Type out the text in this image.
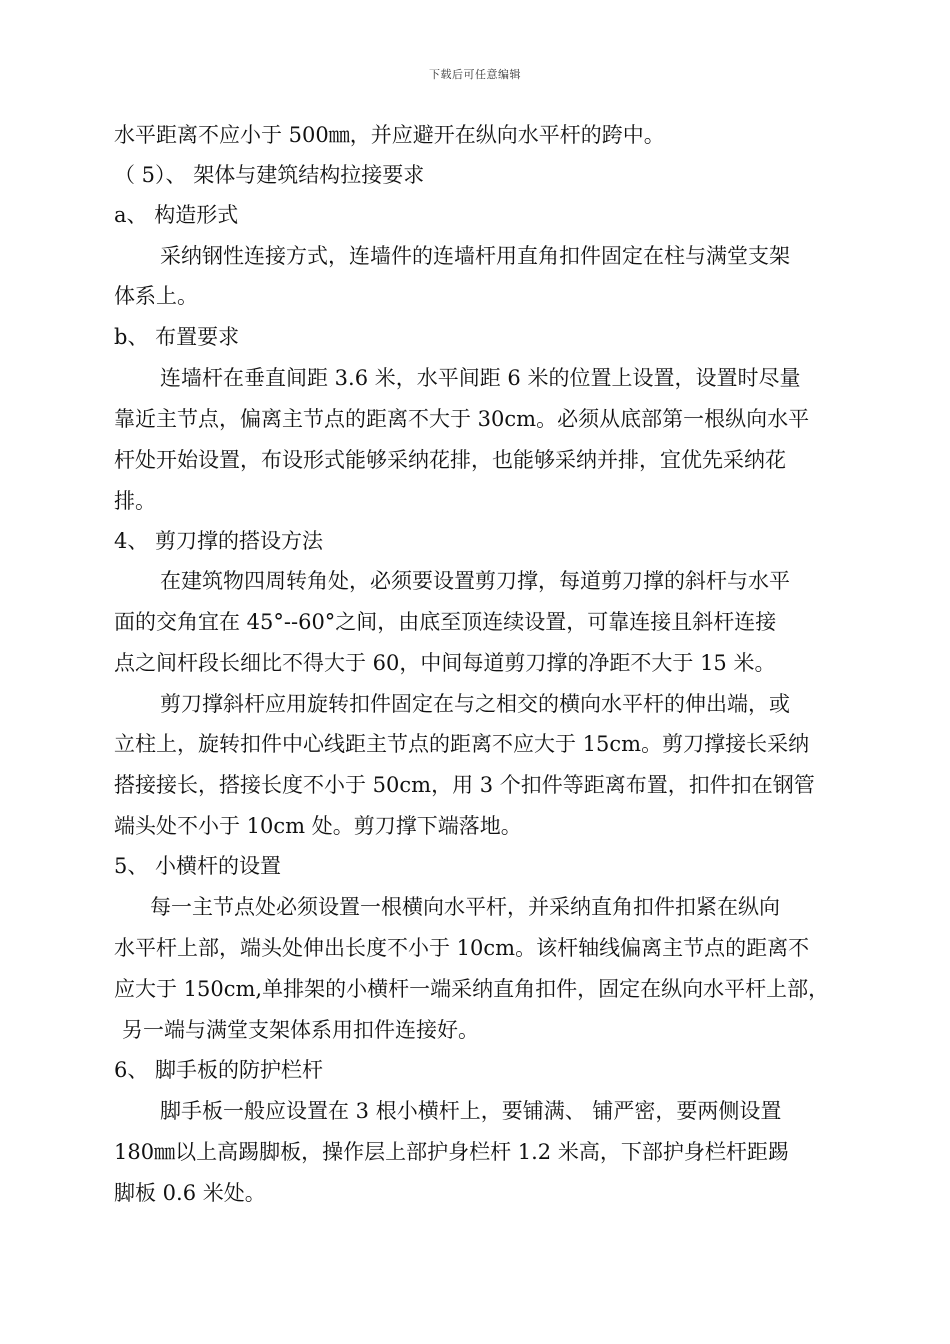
下载后可任意编辑
水平距离不应小于 500㎜，并应避开在纵向水平杆的跨中。
（ 5）、 架体与建筑结构拉接要求
a、 构造形式
采纳钢性连接方式，连墙件的连墙杆用直角扣件固定在柱与满堂支架
体系上。
b、 布置要求
连墙杆在垂直间距 3.6 米，水平间距 6 米的位置上设置，设置时尽量
靠近主节点，偏离主节点的距离不大于 30cm。必须从底部第一根纵向水平
杆处开始设置，布设形式能够采纳花排，也能够采纳并排，宜优先采纳花
排。
4、 剪刀撑的搭设方法
在建筑物四周转角处，必须要设置剪刀撑，每道剪刀撑的斜杆与水平
面的交角宜在 45°--60°之间，由底至顶连续设置，可靠连接且斜杆连接
点之间杆段长细比不得大于 60，中间每道剪刀撑的净距不大于 15 米。
剪刀撑斜杆应用旋转扣件固定在与之相交的横向水平杆的伸出端，或
立柱上，旋转扣件中心线距主节点的距离不应大于 15cm。剪刀撑接长采纳
搭接接长，搭接长度不小于 50cm，用 3 个扣件等距离布置，扣件扣在钢管
端头处不小于 10cm 处。剪刀撑下端落地。
5、 小横杆的设置
每一主节点处必须设置一根横向水平杆，并采纳直角扣件扣紧在纵向
水平杆上部，端头处伸出长度不小于 10cm。该杆轴线偏离主节点的距离不
应大于 150cm,单排架的小横杆一端采纳直角扣件，固定在纵向水平杆上部，
另一端与满堂支架体系用扣件连接好。
6、 脚手板的防护栏杆
脚手板一般应设置在 3 根小横杆上，要铺满、 铺严密，要两侧设置
180㎜以上高踢脚板，操作层上部护身栏杆 1.2 米高，下部护身栏杆距踢
脚板 0.6 米处。
